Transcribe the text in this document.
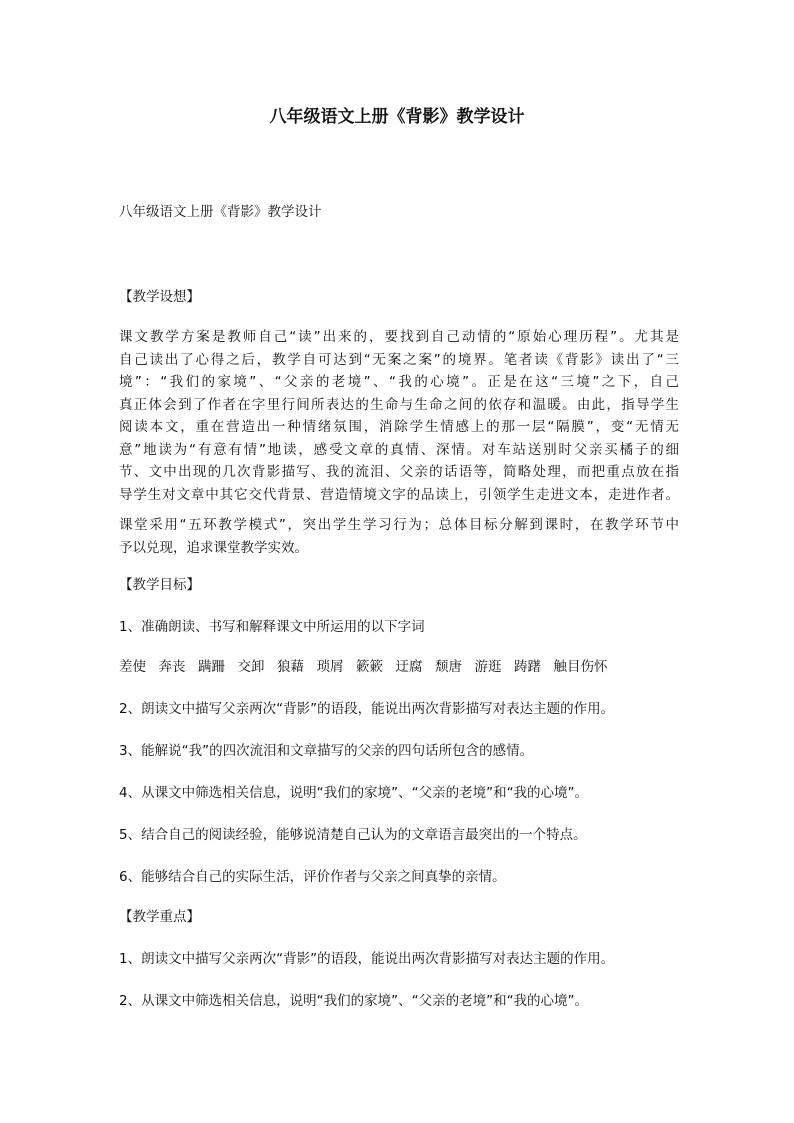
八年级语文上册《背影》教学设计
八年级语文上册《背影》教学设计
【教学设想】
课文教学方案是教师自己“读”出来的，要找到自己动情的“原始心理历程”。尤其是
自己读出了心得之后，教学自可达到“无案之案”的境界。笔者读《背影》读出了“三
境”：“我们的家境”、“父亲的老境”、“我的心境”。正是在这“三境”之下，自己
真正体会到了作者在字里行间所表达的生命与生命之间的依存和温暖。由此，指导学生
阅读本文，重在营造出一种情绪氛围，消除学生情感上的那一层“隔膜”，变“无情无
意”地读为“有意有情”地读，感受文章的真情、深情。对车站送别时父亲买橘子的细
节、文中出现的几次背影描写、我的流泪、父亲的话语等，简略处理，而把重点放在指
导学生对文章中其它交代背景、营造情境文字的品读上，引领学生走进文本，走进作者。
课堂采用“五环教学模式”，突出学生学习行为；总体目标分解到课时，在教学环节中
予以兑现，追求课堂教学实效。
【教学目标】
1、准确朗读、书写和解释课文中所运用的以下字词
差使 奔丧 蹒跚 交卸 狼藉 琐屑 簌簌 迂腐 颓唐 游逛 踌躇 触目伤怀
2、朗读文中描写父亲两次“背影”的语段，能说出两次背影描写对表达主题的作用。
3、能解说“我”的四次流泪和文章描写的父亲的四句话所包含的感情。
4、从课文中筛选相关信息，说明“我们的家境”、“父亲的老境”和“我的心境”。
5、结合自己的阅读经验，能够说清楚自己认为的文章语言最突出的一个特点。
6、能够结合自己的实际生活，评价作者与父亲之间真挚的亲情。
【教学重点】
1、朗读文中描写父亲两次“背影”的语段，能说出两次背影描写对表达主题的作用。
2、从课文中筛选相关信息，说明“我们的家境”、“父亲的老境”和“我的心境”。
